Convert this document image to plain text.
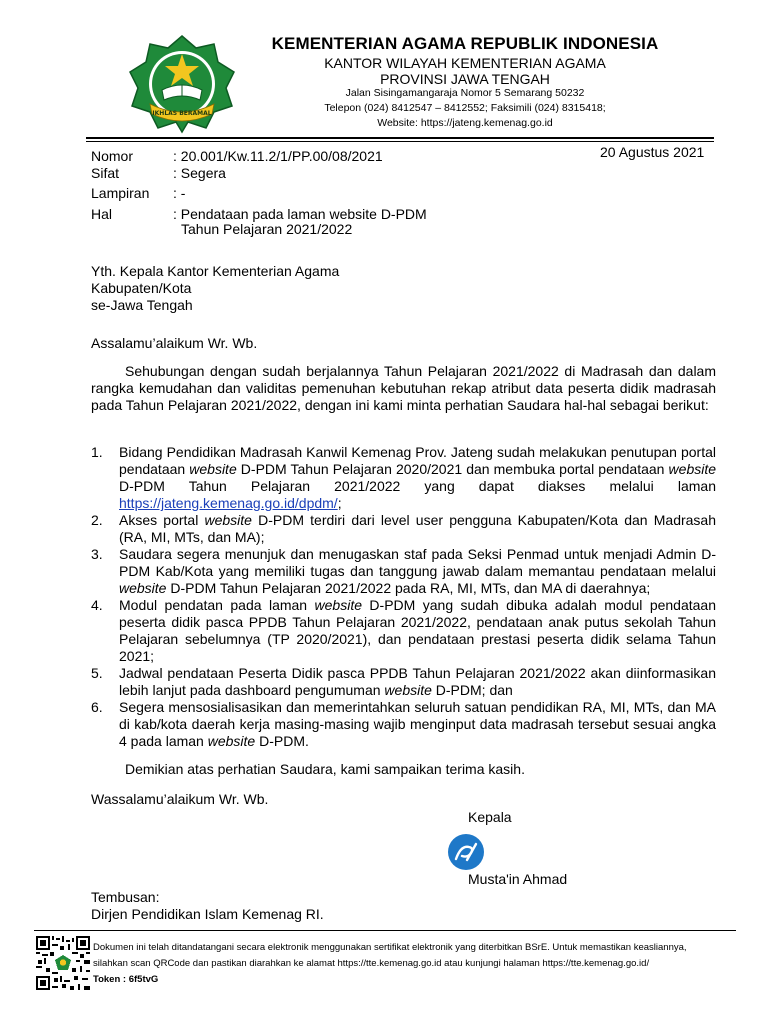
IKHLAS BERAMAL
KEMENTERIAN AGAMA REPUBLIK INDONESIA
KANTOR WILAYAH KEMENTERIAN AGAMA
PROVINSI JAWA TENGAH
Jalan Sisingamangaraja Nomor 5 Semarang 50232
Telepon (024) 8412547 – 8412552; Faksimili (024) 8315418;
Website: https://jateng.kemenag.go.id
20 Agustus 2021
Nomor	: 20.001/Kw.11.2/1/PP.00/08/2021
Sifat	: Segera
Lampiran : -
Hal	: Pendataan pada laman website D-PDM
Tahun Pelajaran 2021/2022
Yth. Kepala Kantor Kementerian Agama
Kabupaten/Kota
se-Jawa Tengah
Assalamu’alaikum Wr. Wb.
Sehubungan dengan sudah berjalannya Tahun Pelajaran 2021/2022 di Madrasah dan dalam rangka kemudahan dan validitas pemenuhan kebutuhan rekap atribut data peserta didik madrasah pada Tahun Pelajaran 2021/2022, dengan ini kami minta perhatian Saudara hal-hal sebagai berikut:
1. Bidang Pendidikan Madrasah Kanwil Kemenag Prov. Jateng sudah melakukan penutupan portal pendataan website D-PDM Tahun Pelajaran 2020/2021 dan membuka portal pendataan website D-PDM Tahun Pelajaran 2021/2022 yang dapat diakses melalui laman https://jateng.kemenag.go.id/dpdm/;
2. Akses portal website D-PDM terdiri dari level user pengguna Kabupaten/Kota dan Madrasah (RA, MI, MTs, dan MA);
3. Saudara segera menunjuk dan menugaskan staf pada Seksi Penmad untuk menjadi Admin D-PDM Kab/Kota yang memiliki tugas dan tanggung jawab dalam memantau pendataan melalui website D-PDM Tahun Pelajaran 2021/2022 pada RA, MI, MTs, dan MA di daerahnya;
4. Modul pendatan pada laman website D-PDM yang sudah dibuka adalah modul pendataan peserta didik pasca PPDB Tahun Pelajaran 2021/2022, pendataan anak putus sekolah Tahun Pelajaran sebelumnya (TP 2020/2021), dan pendataan prestasi peserta didik selama Tahun 2021;
5. Jadwal pendataan Peserta Didik pasca PPDB Tahun Pelajaran 2021/2022 akan diinformasikan lebih lanjut pada dashboard pengumuman website D-PDM; dan
6. Segera mensosialisasikan dan memerintahkan seluruh satuan pendidikan RA, MI, MTs, dan MA di kab/kota daerah kerja masing-masing wajib menginput data madrasah tersebut sesuai angka 4 pada laman website D-PDM.
Demikian atas perhatian Saudara, kami sampaikan terima kasih.
Wassalamu’alaikum Wr. Wb.
Kepala
Musta'in Ahmad
Tembusan:
Dirjen Pendidikan Islam Kemenag RI.
Dokumen ini telah ditandatangani secara elektronik menggunakan sertifikat elektronik yang diterbitkan BSrE. Untuk memastikan keasliannya,
silahkan scan QRCode dan pastikan diarahkan ke alamat https://tte.kemenag.go.id atau kunjungi halaman https://tte.kemenag.go.id/
Token : 6f5tvG
